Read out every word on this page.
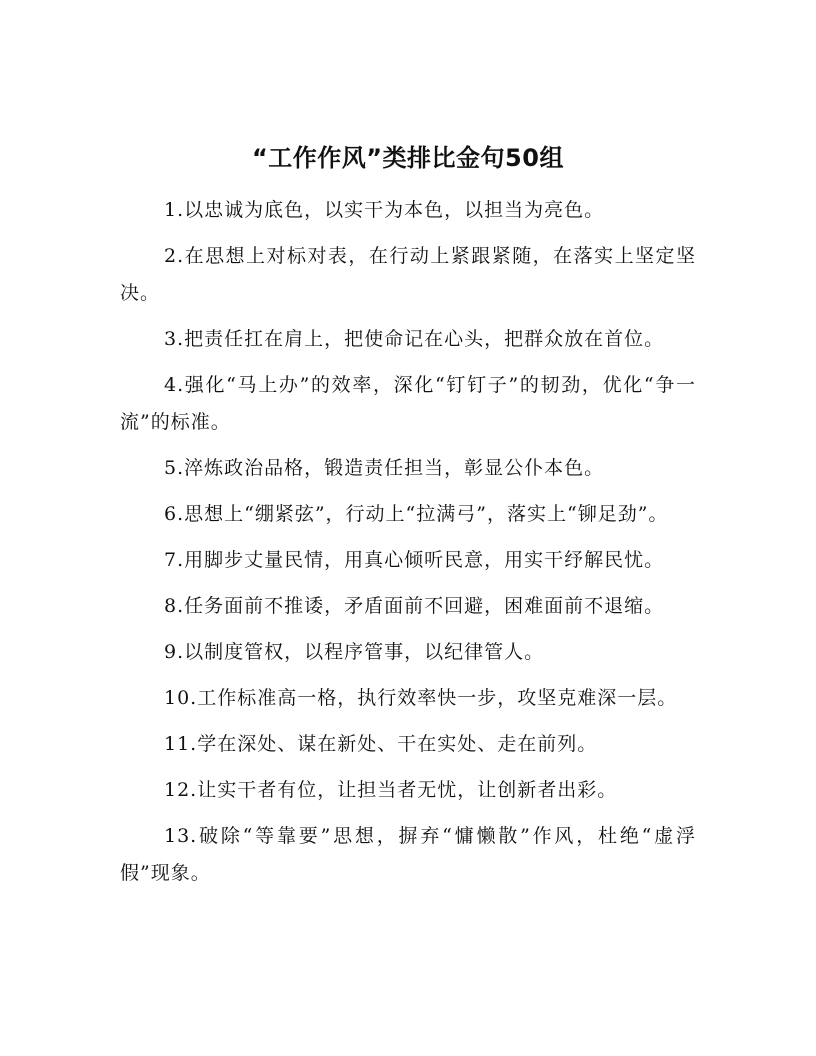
“工作作风”类排比金句50组

1.以忠诚为底色，以实干为本色，以担当为亮色。

2.在思想上对标对表，在行动上紧跟紧随，在落实上坚定坚决。

3.把责任扛在肩上，把使命记在心头，把群众放在首位。

4.强化“马上办”的效率，深化“钉钉子”的韧劲，优化“争一流”的标准。

5.淬炼政治品格，锻造责任担当，彰显公仆本色。

6.思想上“绷紧弦”，行动上“拉满弓”，落实上“铆足劲”。

7.用脚步丈量民情，用真心倾听民意，用实干纾解民忧。

8.任务面前不推诿，矛盾面前不回避，困难面前不退缩。

9.以制度管权，以程序管事，以纪律管人。

10.工作标准高一格，执行效率快一步，攻坚克难深一层。

11.学在深处、谋在新处、干在实处、走在前列。

12.让实干者有位，让担当者无忧，让创新者出彩。

13.破除“等靠要”思想，摒弃“慵懒散”作风，杜绝“虚浮假”现象。
